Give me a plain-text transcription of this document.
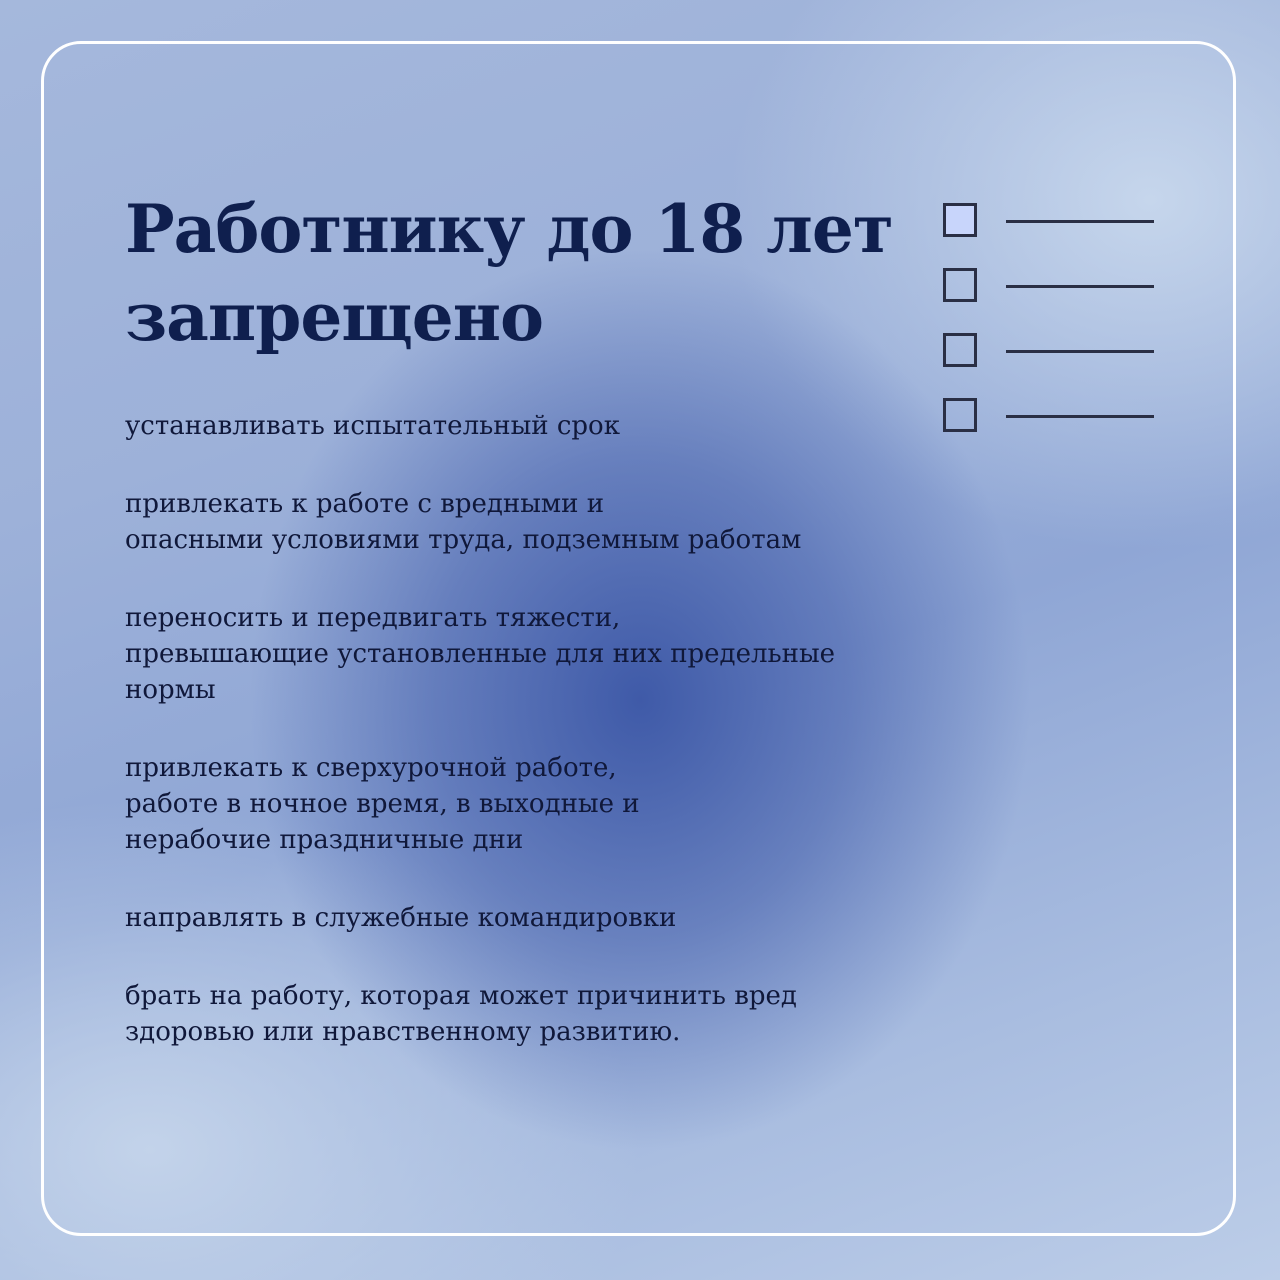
Работнику до 18 лет запрещено

устанавливать испытательный срок

привлекать к работе с вредными и
опасными условиями труда, подземным работам

переносить и передвигать тяжести,
превышающие установленные для них предельные
нормы

привлекать к сверхурочной работе,
работе в ночное время, в выходные и
нерабочие праздничные дни

направлять в служебные командировки

брать на работу, которая может причинить вред
здоровью или нравственному развитию.
